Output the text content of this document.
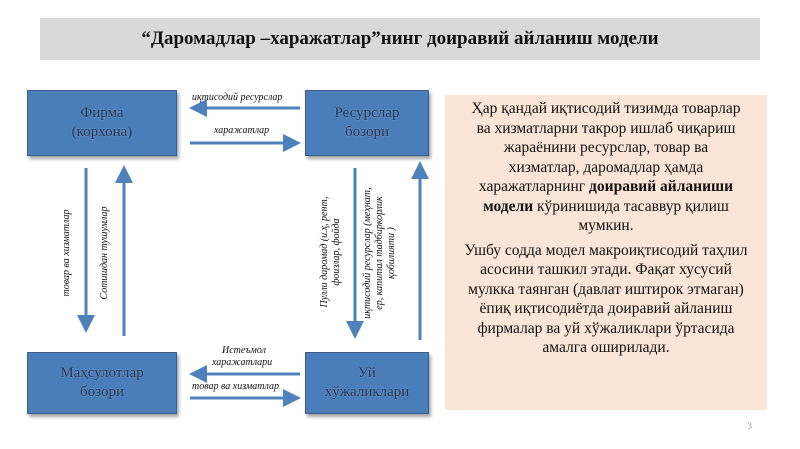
“Даромадлар –харажатлар”нинг доиравий айланиш модели
Фирма
(корхона)
Ресурслар
бозори
Маҳсулотлар
бозори
Уй
хўжаликлари
иқтисодий ресурслар
харажатлар
Истеъмол
харажатлари
товар ва хизматлар
товар ва хизматлар	Сотишдан тушумлар	Пулли даромад (и.ҳ, рент, фоизлар, фойда иқтисодий ресурслар (меҳнат, ер, капитал тадбиркорлик қобилияти )

Ҳар қандай иқтисодий тизимда товарлар ва хизматларни такрор ишлаб чиқариш жараёнини ресурслар, товар ва хизматлар, даромадлар ҳамда харажатларнинг доиравий айланиши модели кўринишида тасаввур қилиш мумкин.

Ушбу содда модел макроиқтисодий таҳлил асосини ташкил этади. Фақат хусусий мулкка таянган (давлат иштирок этмаган) ёпиқ иқтисодиётда доиравий айланиш фирмалар ва уй хўжаликлари ўртасида амалга оширилади.

3
